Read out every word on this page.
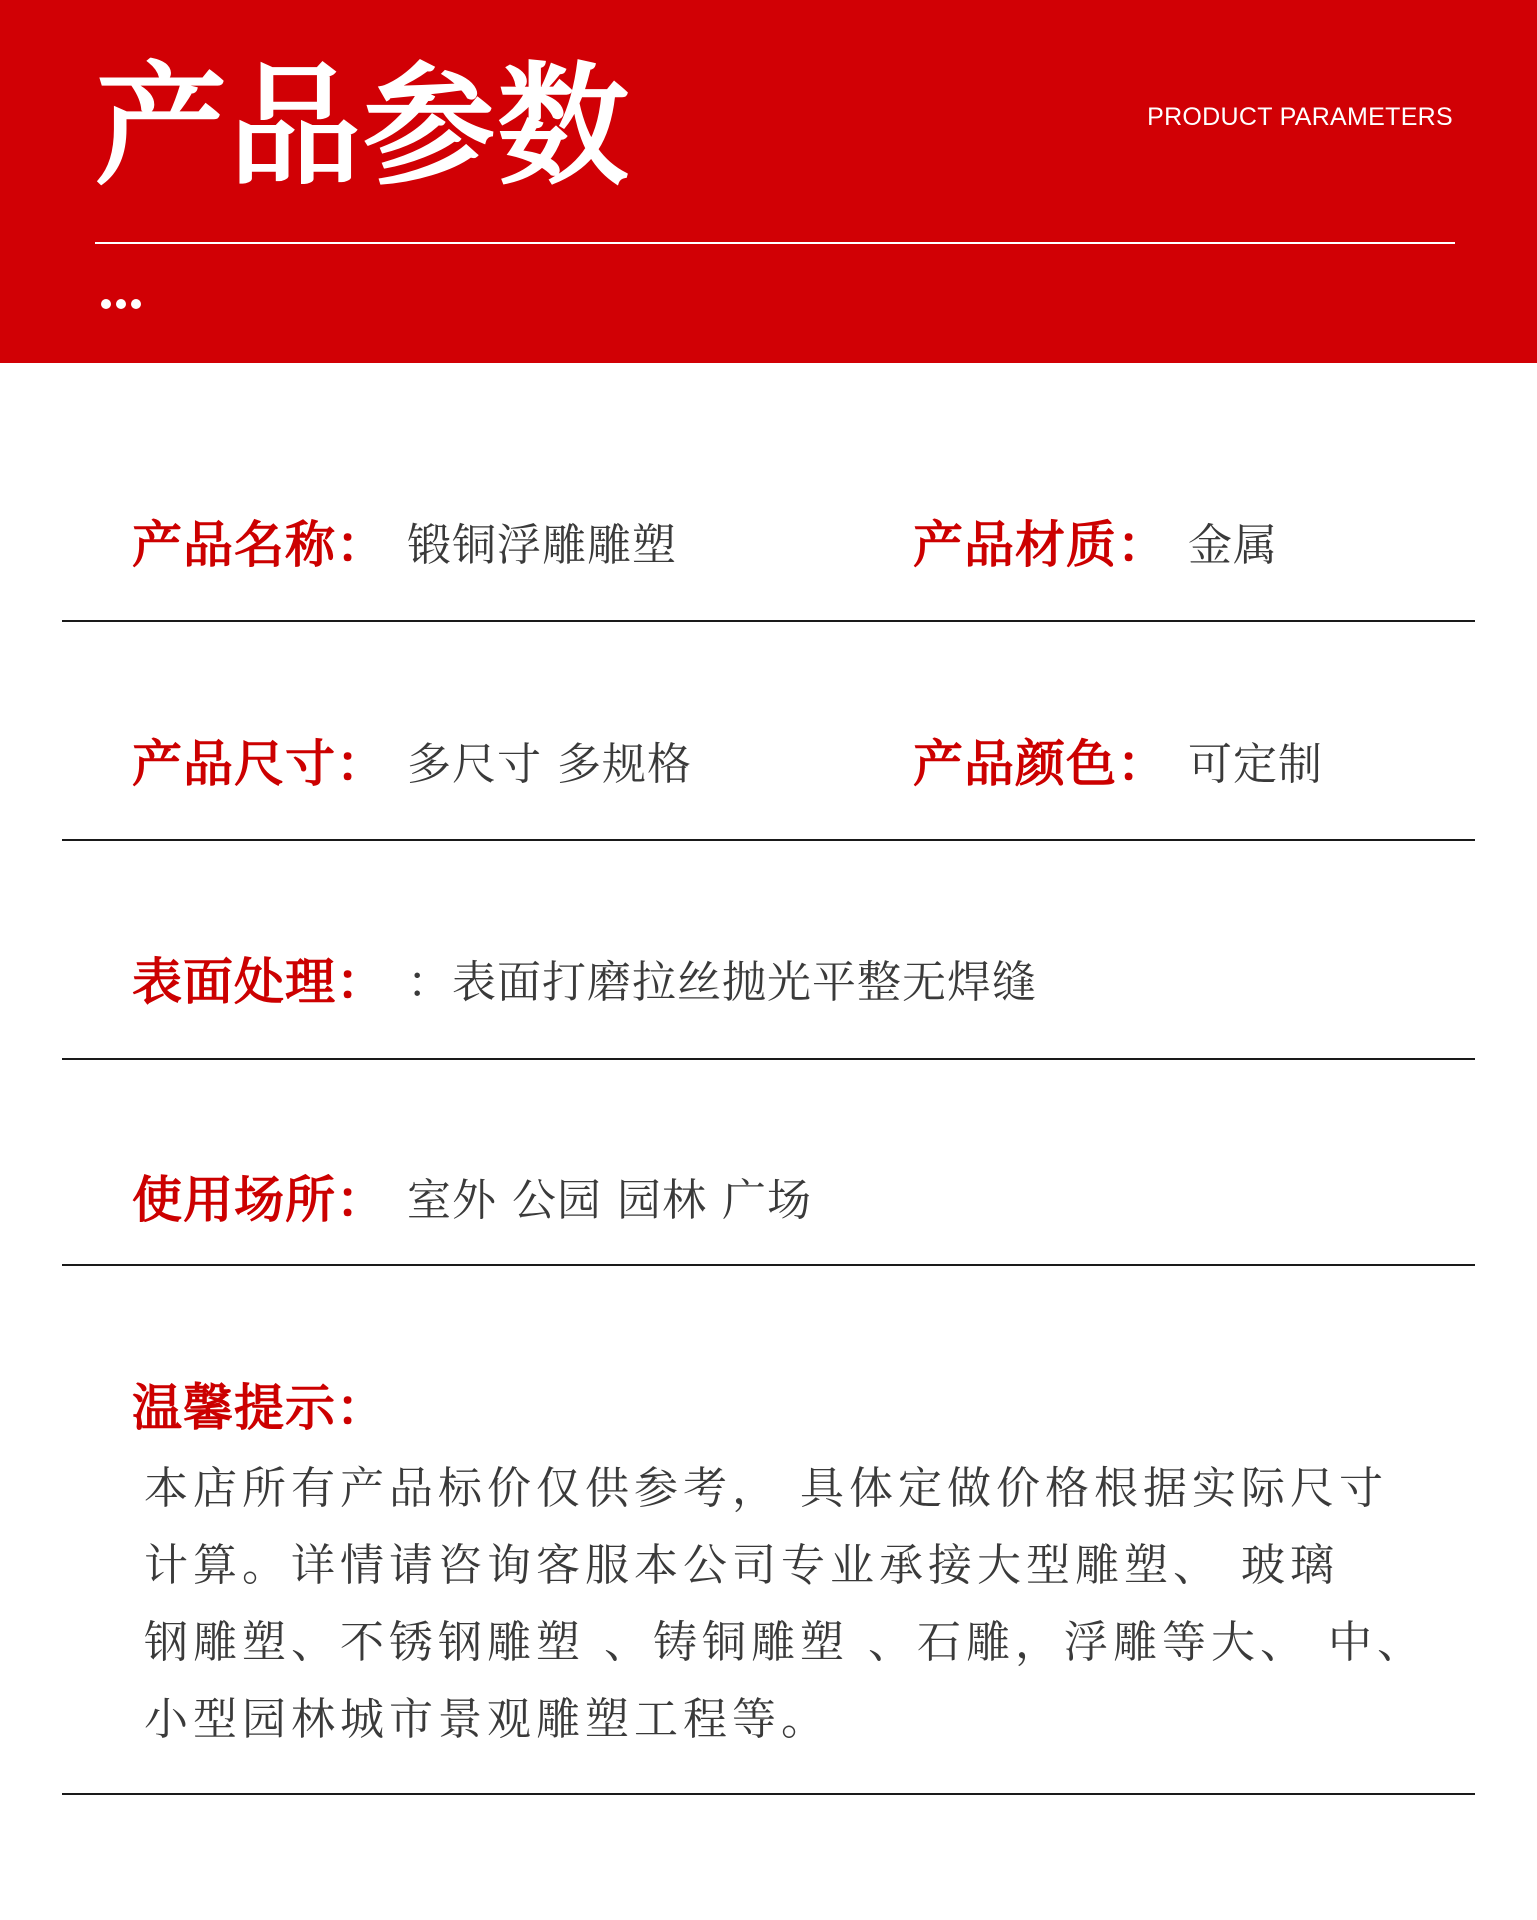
产品参数	PRODUCT PARAMETERS
产品名称： 锻铜浮雕雕塑	产品材质： 金属
产品尺寸： 多尺寸 多规格	产品颜色： 可定制
表面处理： ：表面打磨拉丝抛光平整无焊缝
使用场所： 室外 公园 园林 广场
温馨提示：
本店所有产品标价仅供参考， 具体定做价格根据实际尺寸
计算。详情请咨询客服本公司专业承接大型雕塑、 玻璃
钢雕塑、不锈钢雕塑 、铸铜雕塑 、石雕，浮雕等大、 中、
小型园林城市景观雕塑工程等。
